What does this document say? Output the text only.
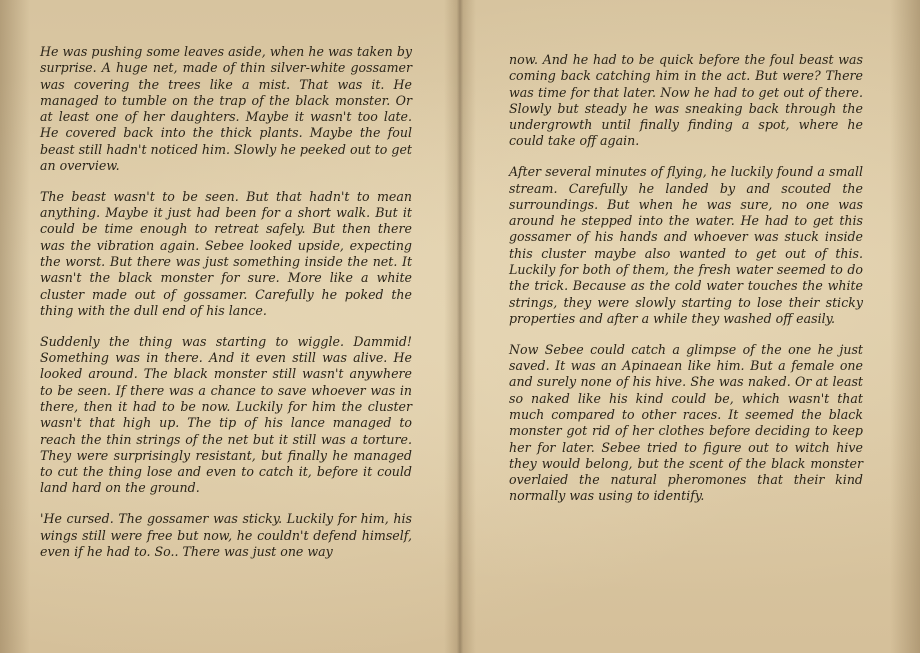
He was pushing some leaves aside, when he was taken by surprise. A huge net, made of thin silver-white gossamer was covering the trees like a mist. That was it. He managed to tumble on the trap of the black monster. Or at least one of her daughters. Maybe it wasn't too late. He covered back into the thick plants. Maybe the foul beast still hadn't noticed him. Slowly he peeked out to get an overview.

The beast wasn't to be seen. But that hadn't to mean anything. Maybe it just had been for a short walk. But it could be time enough to retreat safely. But then there was the vibration again. Sebee looked upside, expecting the worst. But there was just something inside the net. It wasn't the black monster for sure. More like a white cluster made out of gossamer. Carefully he poked the thing with the dull end of his lance.

Suddenly the thing was starting to wiggle. Dammid! Something was in there. And it even still was alive. He looked around. The black monster still wasn't anywhere to be seen. If there was a chance to save whoever was in there, then it had to be now. Luckily for him the cluster wasn't that high up. The tip of his lance managed to reach the thin strings of the net but it still was a torture. They were surprisingly resistant, but finally he managed to cut the thing lose and even to catch it, before it could land hard on the ground.

'He cursed. The gossamer was sticky. Luckily for him, his wings still were free but now, he couldn't defend himself, even if he had to. So.. There was just one way

now. And he had to be quick before the foul beast was coming back catching him in the act. But were? There was time for that later. Now he had to get out of there. Slowly but steady he was sneaking back through the undergrowth until finally finding a spot, where he could take off again.

After several minutes of flying, he luckily found a small stream. Carefully he landed by and scouted the surroundings. But when he was sure, no one was around he stepped into the water. He had to get this gossamer of his hands and whoever was stuck inside this cluster maybe also wanted to get out of this. Luckily for both of them, the fresh water seemed to do the trick. Because as the cold water touches the white strings, they were slowly starting to lose their sticky properties and after a while they washed off easily.

Now Sebee could catch a glimpse of the one he just saved. It was an Apinaean like him. But a female one and surely none of his hive. She was naked. Or at least so naked like his kind could be, which wasn't that much compared to other races. It seemed the black monster got rid of her clothes before deciding to keep her for later. Sebee tried to figure out to witch hive they would belong, but the scent of the black monster overlaied the natural pheromones that their kind normally was using to identify.
